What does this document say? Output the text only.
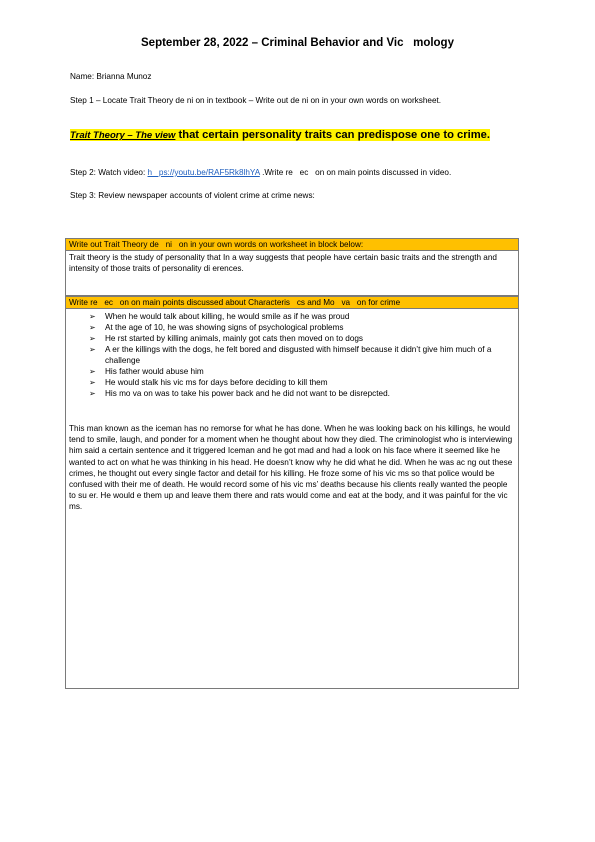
September 28, 2022 – Criminal Behavior and Vic   mology
Name: Brianna Munoz
Step 1 – Locate Trait Theory de ni on in textbook – Write out de ni on in your own words on worksheet.
Trait Theory – The view that certain personality traits can predispose one to crime.
Step 2: Watch video: h   ps://youtu.be/RAF5Rk8lhYA .Write re   ec   on on main points discussed in video.
Step 3: Review newspaper accounts of violent crime at crime news:
Write out Trait Theory de   ni   on in your own words on worksheet in block below:
Trait theory is the study of personality that In a way suggests that people have certain basic traits and the strength and intensity of those traits of personality di erences.
Write re   ec   on on main points discussed about Characteris   cs and Mo   va   on for crime
➢ When he would talk about killing, he would smile as if he was proud
➢ At the age of 10, he was showing signs of psychological problems
➢ He rst started by killing animals, mainly got cats then moved on to dogs
➢ A er the killings with the dogs, he felt bored and disgusted with himself because it didn’t give him much of a challenge
➢ His father would abuse him
➢ He would stalk his vic ms for days before deciding to kill them
➢ His mo va on was to take his power back and he did not want to be disrepcted.
This man known as the iceman has no remorse for what he has done. When he was looking back on his killings, he would tend to smile, laugh, and ponder for a moment when he thought about how they died. The criminologist who is interviewing him said a certain sentence and it triggered Iceman and he got mad and had a look on his face where it seemed like he wanted to act on what he was thinking in his head. He doesn’t know why he did what he did. When he was ac ng out these crimes, he thought out every single factor and detail for his killing. He froze some of his vic ms so that police would be confused with their me of death. He would record some of his vic ms’ deaths because his clients really wanted the people to su er. He would e them up and leave them there and rats would come and eat at the body, and it was painful for the vic ms.
